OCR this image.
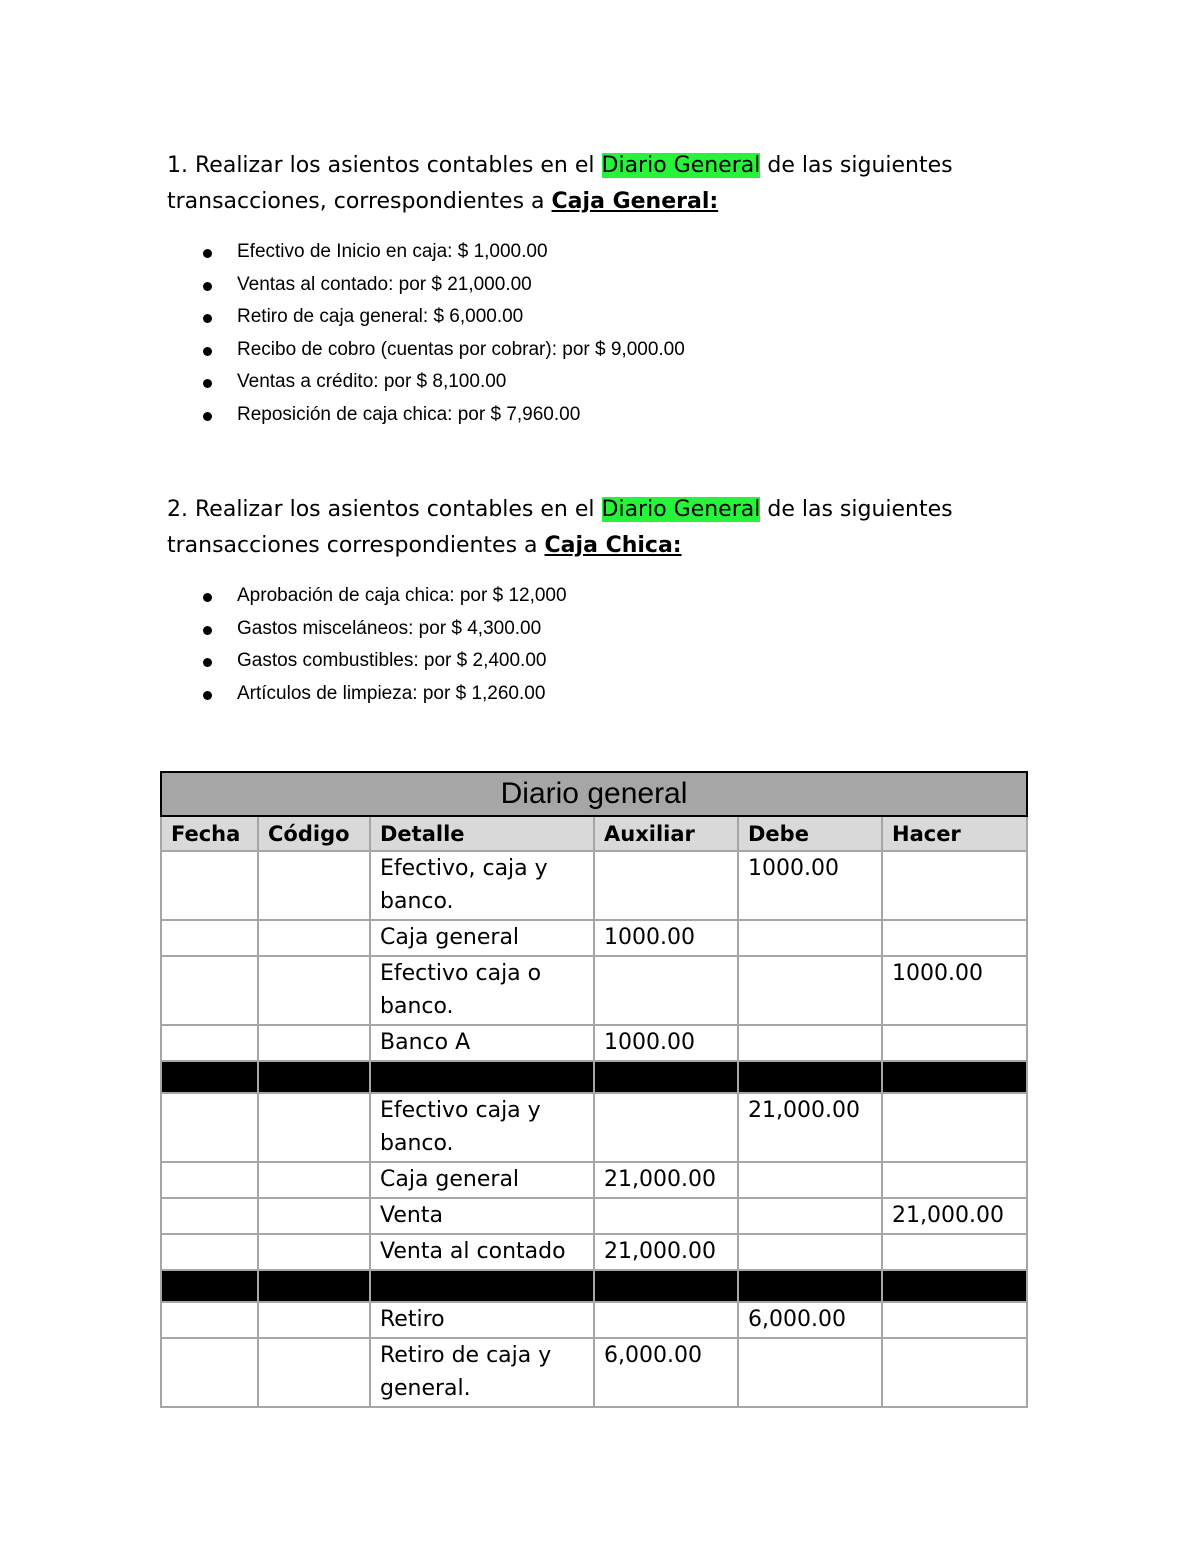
1. Realizar los asientos contables en el Diario General de las siguientes
transacciones, correspondientes a Caja General:

Efectivo de Inicio en caja: $ 1,000.00
Ventas al contado: por $ 21,000.00
Retiro de caja general: $ 6,000.00
Recibo de cobro (cuentas por cobrar): por $ 9,000.00
Ventas a crédito: por $ 8,100.00
Reposición de caja chica: por $ 7,960.00

2. Realizar los asientos contables en el Diario General de las siguientes
transacciones correspondientes a Caja Chica:

Aprobación de caja chica: por $ 12,000
Gastos misceláneos: por $ 4,300.00
Gastos combustibles: por $ 2,400.00
Artículos de limpieza: por $ 1,260.00
Diario general					
Fecha	Código	Detalle	Auxiliar	Debe	Hacer
		Efectivo, caja y banco.		1000.00	
		Caja general	1000.00		
		Efectivo caja o banco.			1000.00
		Banco A	1000.00		

		Efectivo caja y banco.		21,000.00	
		Caja general	21,000.00		
		Venta			21,000.00
		Venta al contado	21,000.00		

		Retiro		6,000.00	
		Retiro de caja y general.	6,000.00		
